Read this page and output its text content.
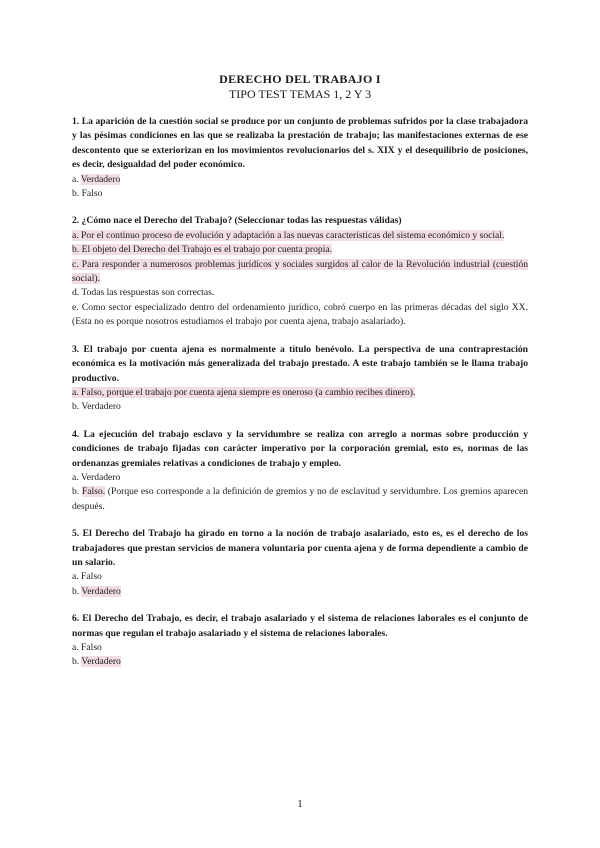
DERECHO DEL TRABAJO I

TIPO TEST TEMAS 1, 2 Y 3

1. La aparición de la cuestión social se produce por un conjunto de problemas sufridos por la clase trabajadora y las pésimas condiciones en las que se realizaba la prestación de trabajo; las manifestaciones externas de ese descontento que se exteriorizan en los movimientos revolucionarios del s. XIX y el desequilibrio de posiciones, es decir, desigualdad del poder económico.

a. Verdadero

b. Falso

2. ¿Cómo nace el Derecho del Trabajo? (Seleccionar todas las respuestas válidas)

a. Por el continuo proceso de evolución y adaptación a las nuevas características del sistema económico y social.

b. El objeto del Derecho del Trabajo es el trabajo por cuenta propia.

c. Para responder a numerosos problemas jurídicos y sociales surgidos al calor de la Revolución industrial (cuestión social).

d. Todas las respuestas son correctas.

e. Como sector especializado dentro del ordenamiento jurídico, cobró cuerpo en las primeras décadas del siglo XX. (Esta no es porque nosotros estudiamos el trabajo por cuenta ajena, trabajo asalariado).

3. El trabajo por cuenta ajena es normalmente a título benévolo. La perspectiva de una contraprestación económica es la motivación más generalizada del trabajo prestado. A este trabajo también se le llama trabajo productivo.

a. Falso, porque el trabajo por cuenta ajena siempre es oneroso (a cambio recibes dinero).

b. Verdadero

4. La ejecución del trabajo esclavo y la servidumbre se realiza con arreglo a normas sobre producción y condiciones de trabajo fijadas con carácter imperativo por la corporación gremial, esto es, normas de las ordenanzas gremiales relativas a condiciones de trabajo y empleo.

a. Verdadero

b. Falso. (Porque eso corresponde a la definición de gremios y no de esclavitud y servidumbre. Los gremios aparecen después.

5. El Derecho del Trabajo ha girado en torno a la noción de trabajo asalariado, esto es, es el derecho de los trabajadores que prestan servicios de manera voluntaria por cuenta ajena y de forma dependiente a cambio de un salario.

a. Falso

b. Verdadero

6. El Derecho del Trabajo, es decir, el trabajo asalariado y el sistema de relaciones laborales es el conjunto de normas que regulan el trabajo asalariado y el sistema de relaciones laborales.

a. Falso

b. Verdadero

1
